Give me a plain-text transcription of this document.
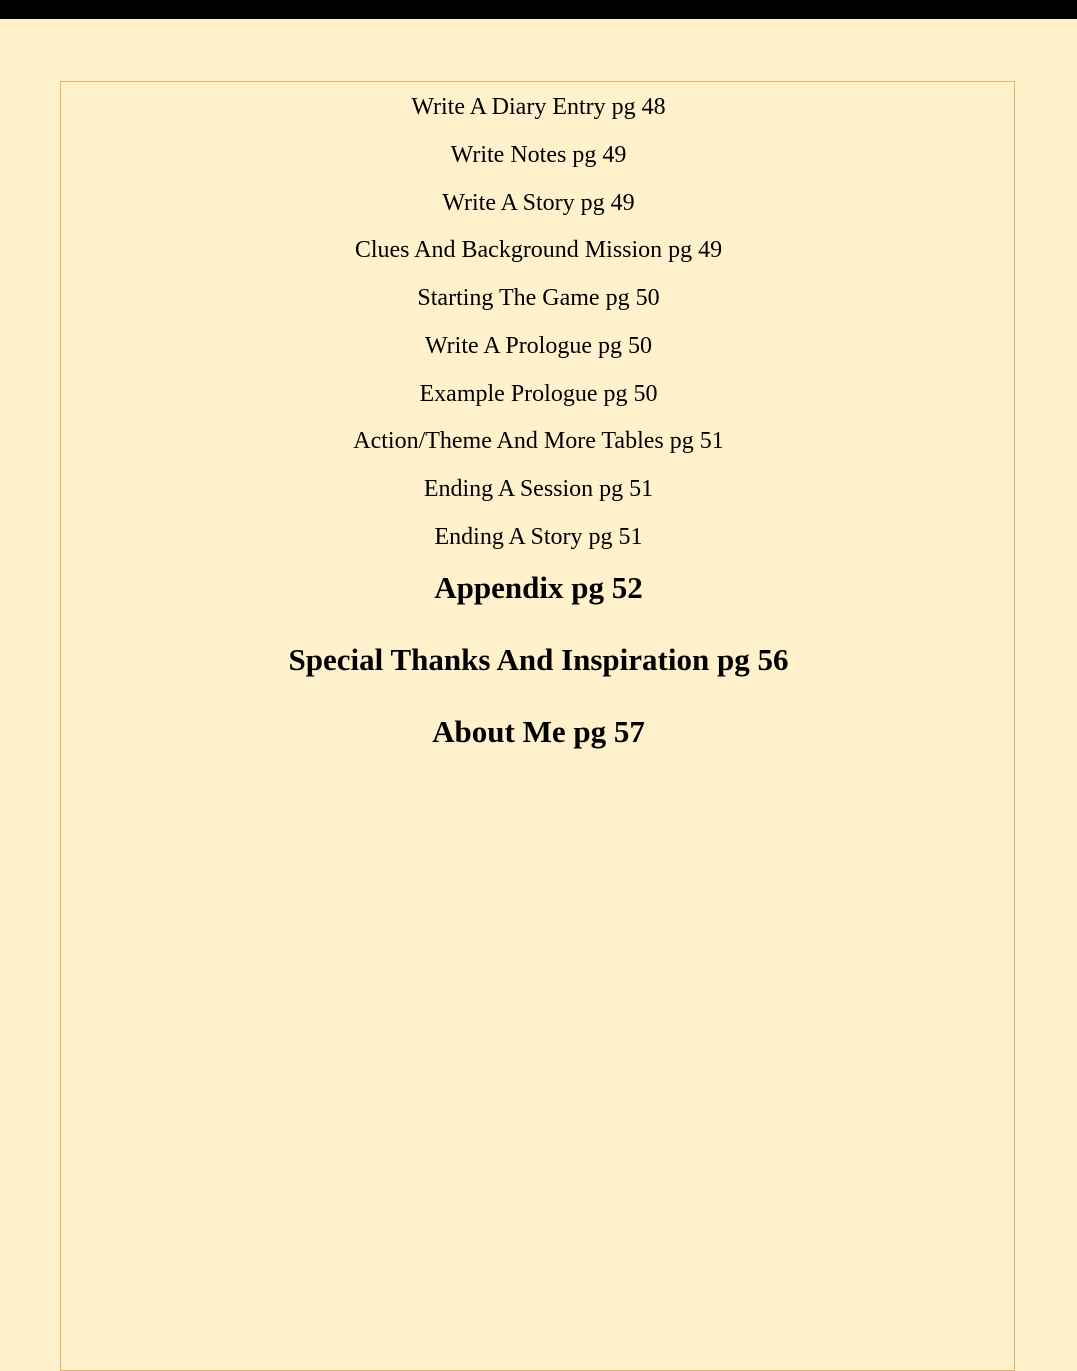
Write A Diary Entry pg 48
Write Notes pg 49
Write A Story pg 49
Clues And Background Mission pg 49
Starting The Game pg 50
Write A Prologue pg 50
Example Prologue pg 50
Action/Theme And More Tables pg 51
Ending A Session pg 51
Ending A Story pg 51
Appendix pg 52
Special Thanks And Inspiration pg 56
About Me pg 57
